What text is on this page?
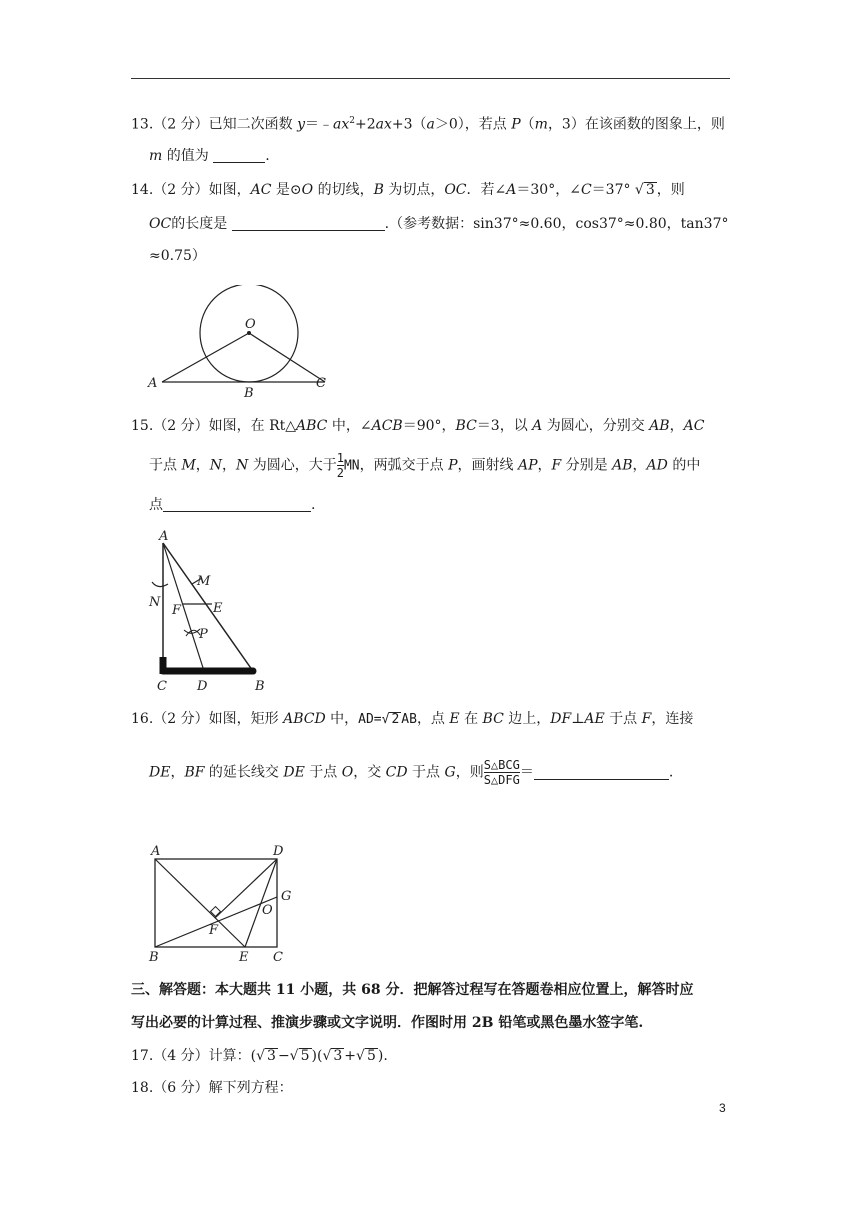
13.（2 分）已知二次函数 $y=﹣ax^2+2ax+3(a>0)$，若点 P（m，3）在该函数的图象上，则
m 的值为	.
14.（2 分）如图，AC 是⊙O 的切线，B 为切点，OC．若∠A＝30°，∠C＝37° √ 3 ，则
OC的长度是	.（参考数据：sin37°≈0.60，cos37°≈0.80，tan37°
≈0.75）
O
A
B
C
15.（2 分）如图，在 Rt△ABC 中，∠ACB＝90°，BC＝3，以 A 为圆心，分别交 AB，AC
于点 M，N，N 为圆心，大于 $\frac{1}{2}$ MN，两弧交于点 P，画射线 AP，F 分别是 AB，AD 的中
点	.
A
M
N
F E
P
C D	B
16.（2 分）如图，矩形 ABCD 中，AD=√ 2 AB，点 E 在 BC 边上，DF⊥AE 于点 F，连接
DE，BF 的延长线交 DE 于点 O，交 CD 于点 G，则 $\frac{\text{S△BCG}}{\text{S△DFG}}$ ＝	.
A	D
G
O
F
B	E C
三、解答题：本大题共 11 小题，共 68 分．把解答过程写在答题卷相应位置上，解答时应
写出必要的计算过程、推演步骤或文字说明．作图时用 2B 铅笔或黑色墨水签字笔.
17.（4 分）计算：(√ 3 −√ 5 )(√ 3 +√ 5 ).
18.（6 分）解下列方程：
3
